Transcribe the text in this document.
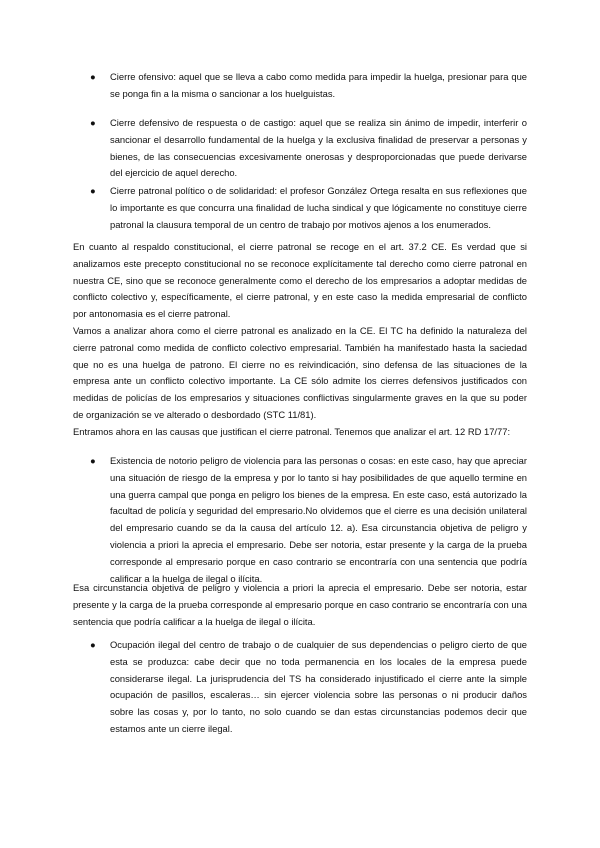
● Cierre ofensivo: aquel que se lleva a cabo como medida para impedir la huelga, presionar para que se ponga fin a la misma o sancionar a los huelguistas.

● Cierre defensivo de respuesta o de castigo: aquel que se realiza sin ánimo de impedir, interferir o sancionar el desarrollo fundamental de la huelga y la exclusiva finalidad de preservar a personas y bienes, de las consecuencias excesivamente onerosas y desproporcionadas que puede derivarse del ejercicio de aquel derecho.

● Cierre patronal político o de solidaridad: el profesor González Ortega resalta en sus reflexiones que lo importante es que concurra una finalidad de lucha sindical y que lógicamente no constituye cierre patronal la clausura temporal de un centro de trabajo por motivos ajenos a los enumerados.

En cuanto al respaldo constitucional, el cierre patronal se recoge en el art. 37.2 CE. Es verdad que si analizamos este precepto constitucional no se reconoce explícitamente tal derecho como cierre patronal en nuestra CE, sino que se reconoce generalmente como el derecho de los empresarios a adoptar medidas de conflicto colectivo y, específicamente, el cierre patronal, y en este caso la medida empresarial de conflicto por antonomasia es el cierre patronal.

Vamos a analizar ahora como el cierre patronal es analizado en la CE. El TC ha definido la naturaleza del cierre patronal como medida de conflicto colectivo empresarial. También ha manifestado hasta la saciedad que no es una huelga de patrono. El cierre no es reivindicación, sino defensa de las situaciones de la empresa ante un conflicto colectivo importante. La CE sólo admite los cierres defensivos justificados con medidas de policías de los empresarios y situaciones conflictivas singularmente graves en la que su poder de organización se ve alterado o desbordado (STC 11/81).

Entramos ahora en las causas que justifican el cierre patronal. Tenemos que analizar el art. 12 RD 17/77:

● Existencia de notorio peligro de violencia para las personas o cosas: en este caso, hay que apreciar una situación de riesgo de la empresa y por lo tanto si hay posibilidades de que aquello termine en una guerra campal que ponga en peligro los bienes de la empresa. En este caso, está autorizado la facultad de policía y seguridad del empresario.No olvidemos que el cierre es una decisión unilateral del empresario cuando se da la causa del artículo 12. a). Esa circunstancia objetiva de peligro y violencia a priori la aprecia el empresario. Debe ser notoria, estar presente y la carga de la prueba corresponde al empresario porque en caso contrario se encontraría con una sentencia que podría calificar a la huelga de ilegal o ilícita.

Esa circunstancia objetiva de peligro y violencia a priori la aprecia el empresario. Debe ser notoria, estar presente y la carga de la prueba corresponde al empresario porque en caso contrario se encontraría con una sentencia que podría calificar a la huelga de ilegal o ilícita.

● Ocupación ilegal del centro de trabajo o de cualquier de sus dependencias o peligro cierto de que esta se produzca: cabe decir que no toda permanencia en los locales de la empresa puede considerarse ilegal. La jurisprudencia del TS ha considerado injustificado el cierre ante la simple ocupación de pasillos, escaleras… sin ejercer violencia sobre las personas o ni producir daños sobre las cosas y, por lo tanto, no solo cuando se dan estas circunstancias podemos decir que estamos ante un cierre ilegal.
